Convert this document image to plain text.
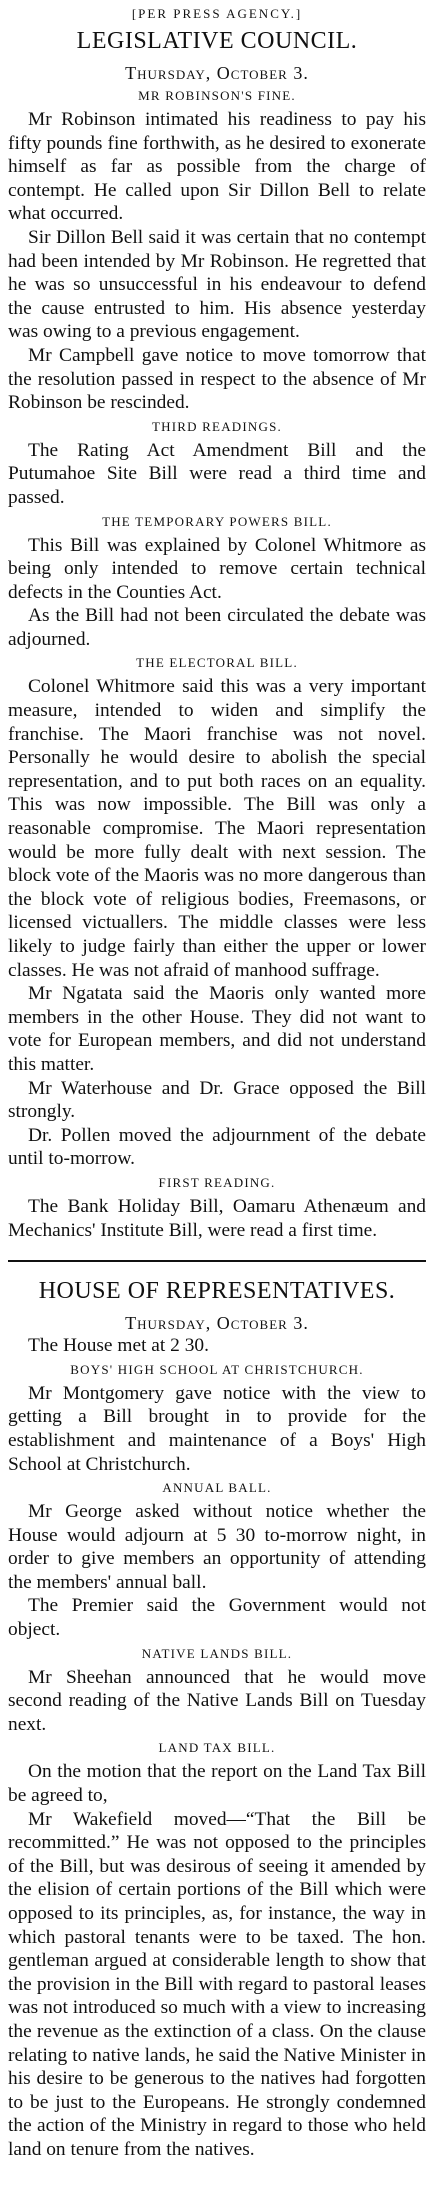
[PER PRESS AGENCY.]
LEGISLATIVE COUNCIL.
Thursday, October 3.
MR ROBINSON'S FINE.

Mr Robinson intimated his readiness to pay his fifty pounds fine forthwith, as he desired to exonerate himself as far as possible from the charge of contempt. He called upon Sir Dillon Bell to relate what occurred.

Sir Dillon Bell said it was certain that no contempt had been intended by Mr Robinson. He regretted that he was so unsuccessful in his endeavour to defend the cause entrusted to him. His absence yesterday was owing to a previous engagement.

Mr Campbell gave notice to move tomorrow that the resolution passed in respect to the absence of Mr Robinson be rescinded.

THIRD READINGS.

The Rating Act Amendment Bill and the Putumahoe Site Bill were read a third time and passed.

THE TEMPORARY POWERS BILL.

This Bill was explained by Colonel Whitmore as being only intended to remove certain technical defects in the Counties Act.

As the Bill had not been circulated the debate was adjourned.

THE ELECTORAL BILL.

Colonel Whitmore said this was a very important measure, intended to widen and simplify the franchise. The Maori franchise was not novel. Personally he would desire to abolish the special representation, and to put both races on an equality. This was now impossible. The Bill was only a reasonable compromise. The Maori representation would be more fully dealt with next session. The block vote of the Maoris was no more dangerous than the block vote of religious bodies, Freemasons, or licensed victuallers. The middle classes were less likely to judge fairly than either the upper or lower classes. He was not afraid of manhood suffrage.

Mr Ngatata said the Maoris only wanted more members in the other House. They did not want to vote for European members, and did not understand this matter.

Mr Waterhouse and Dr. Grace opposed the Bill strongly.

Dr. Pollen moved the adjournment of the debate until to-morrow.

FIRST READING.

The Bank Holiday Bill, Oamaru Athenæum and Mechanics' Institute Bill, were read a first time.

HOUSE OF REPRESENTATIVES.
Thursday, October 3.

The House met at 2 30.

BOYS' HIGH SCHOOL AT CHRISTCHURCH.

Mr Montgomery gave notice with the view to getting a Bill brought in to provide for the establishment and maintenance of a Boys' High School at Christchurch.

ANNUAL BALL.

Mr George asked without notice whether the House would adjourn at 5 30 to-morrow night, in order to give members an opportunity of attending the members' annual ball.

The Premier said the Government would not object.

NATIVE LANDS BILL.

Mr Sheehan announced that he would move second reading of the Native Lands Bill on Tuesday next.

LAND TAX BILL.

On the motion that the report on the Land Tax Bill be agreed to,

Mr Wakefield moved—“That the Bill be recommitted.” He was not opposed to the principles of the Bill, but was desirous of seeing it amended by the elision of certain portions of the Bill which were opposed to its principles, as, for instance, the way in which pastoral tenants were to be taxed. The hon. gentleman argued at considerable length to show that the provision in the Bill with regard to pastoral leases was not introduced so much with a view to increasing the revenue as the extinction of a class. On the clause relating to native lands, he said the Native Minister in his desire to be generous to the natives had forgotten to be just to the Europeans. He strongly condemned the action of the Ministry in regard to those who held land on tenure from the natives.
